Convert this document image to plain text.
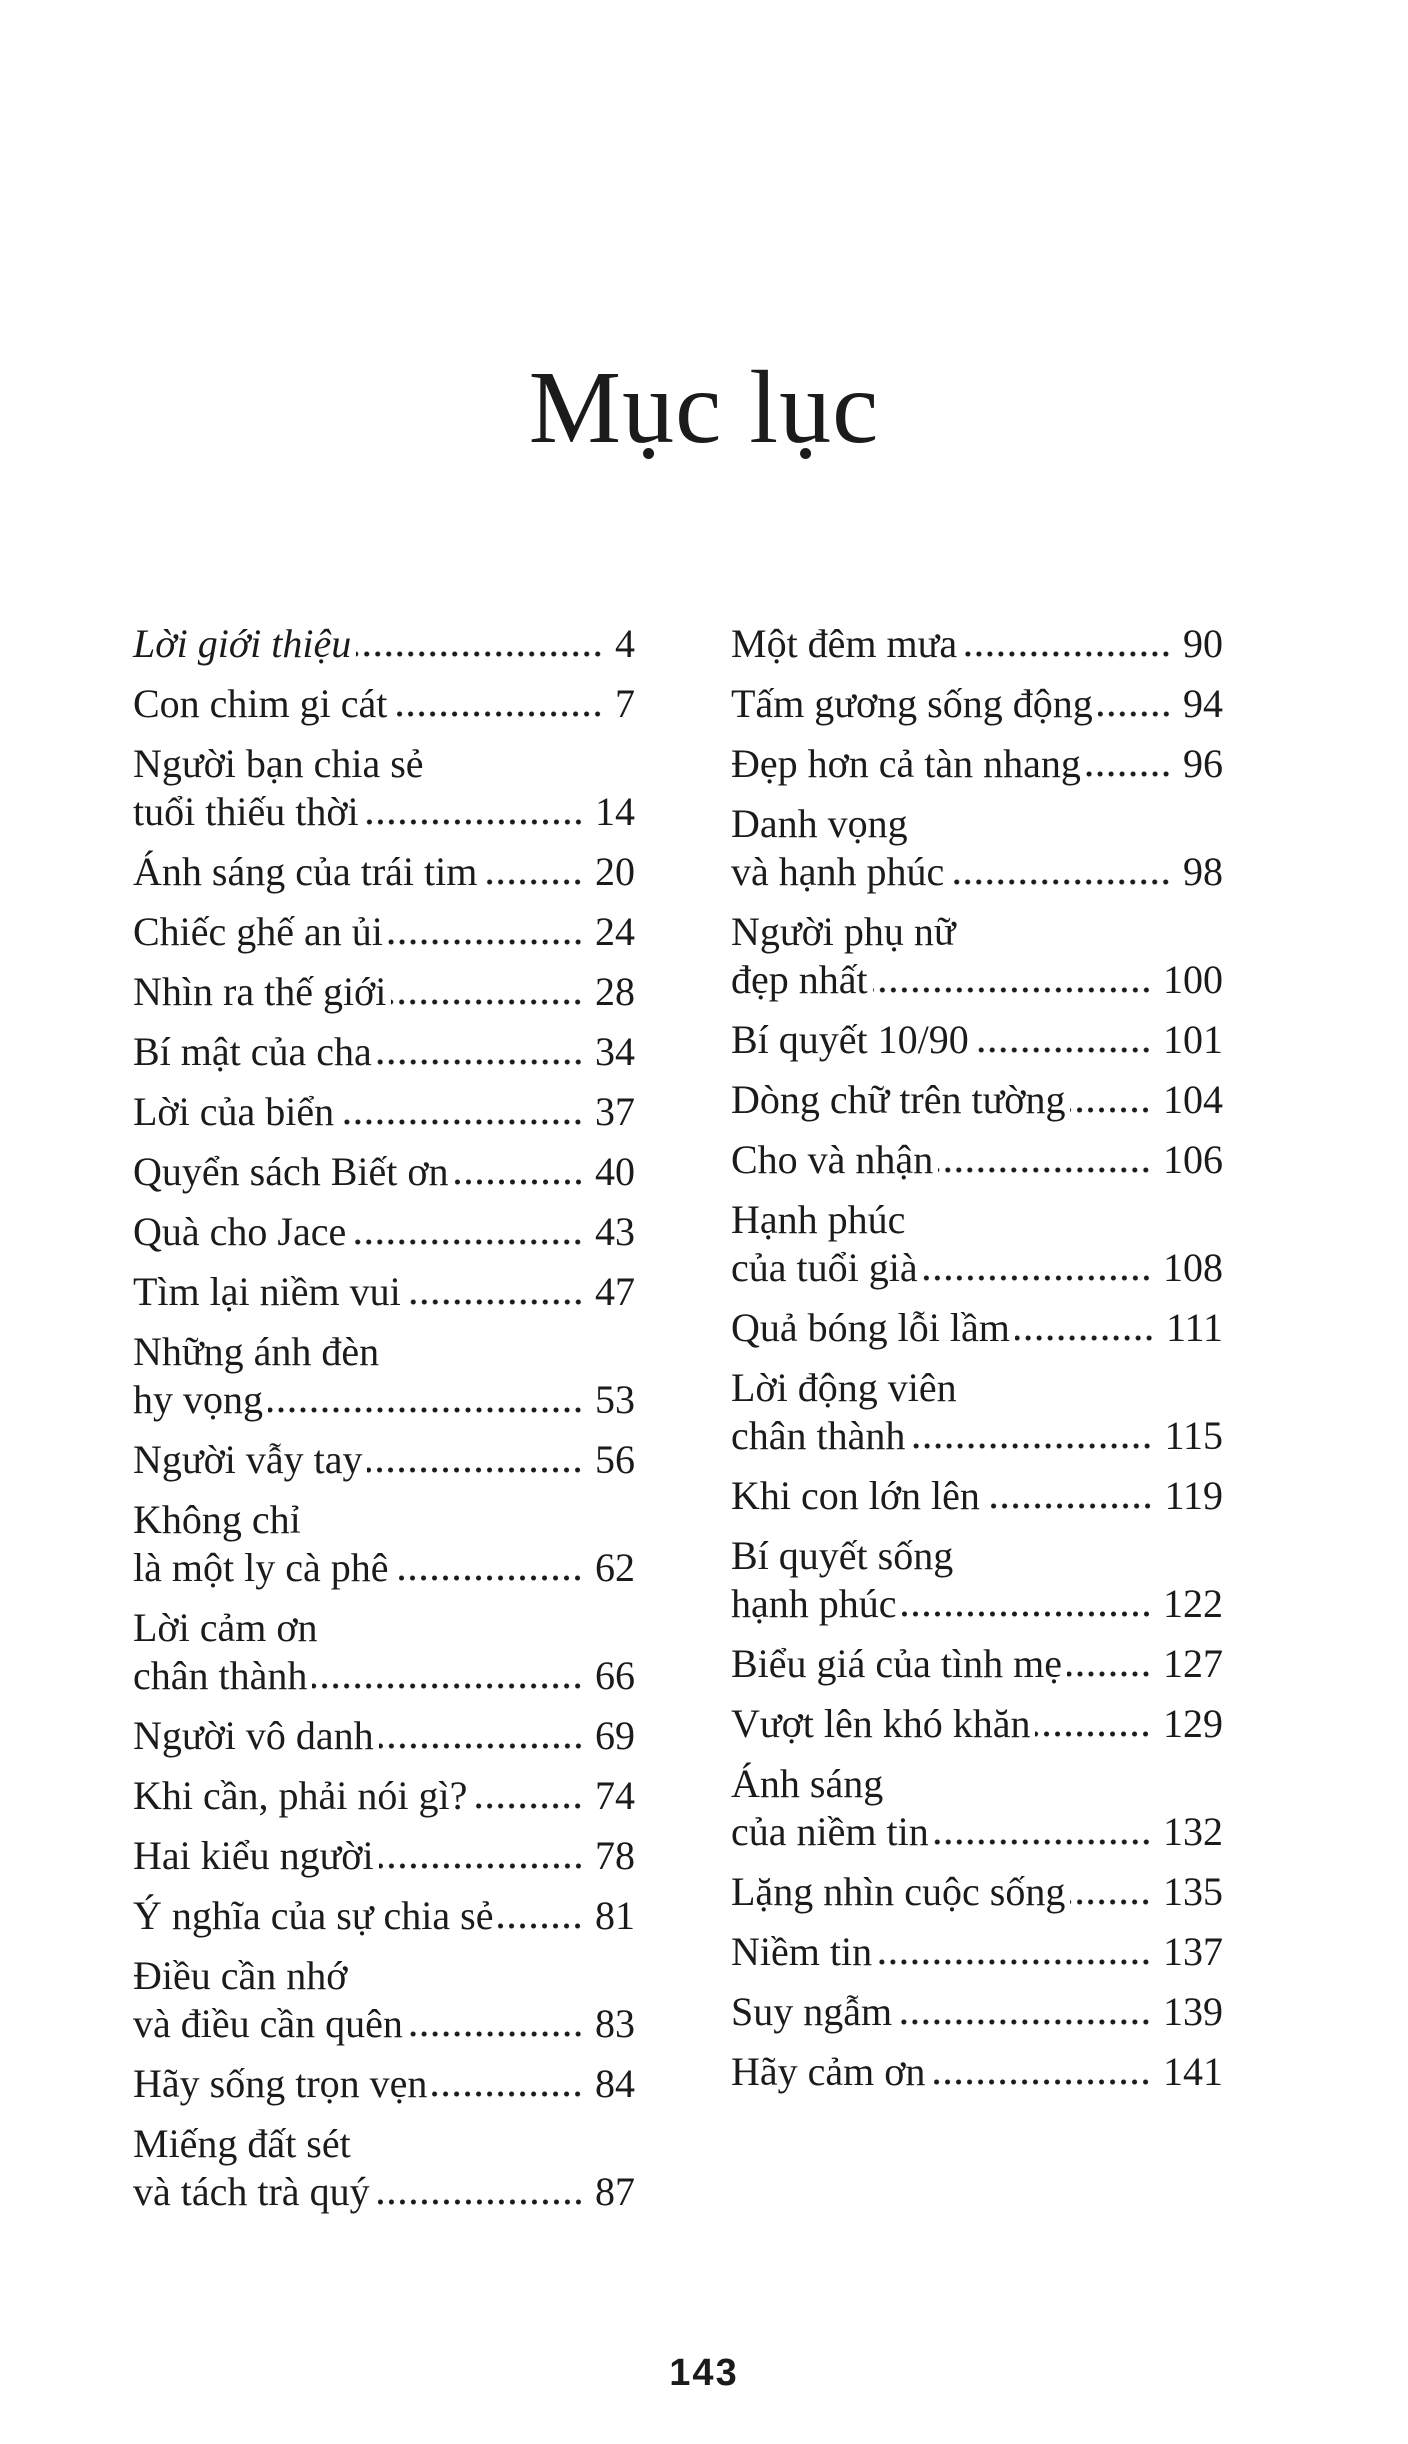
Mục lục
Lời giới thiệu	4
Con chim gi cát	7
Người bạn chia sẻ
tuổi thiếu thời	14
Ánh sáng của trái tim	20
Chiếc ghế an ủi	24
Nhìn ra thế giới	28
Bí mật của cha	34
Lời của biển	37
Quyển sách Biết ơn	40
Quà cho Jace	43
Tìm lại niềm vui	47
Những ánh đèn
hy vọng	53
Người vẫy tay	56
Không chỉ
là một ly cà phê	62
Lời cảm ơn
chân thành	66
Người vô danh	69
Khi cần, phải nói gì?	74
Hai kiểu người	78
Ý nghĩa của sự chia sẻ	81
Điều cần nhớ
và điều cần quên	83
Hãy sống trọn vẹn	84
Miếng đất sét
và tách trà quý	87
Một đêm mưa	90
Tấm gương sống động 94
Đẹp hơn cả tàn nhang	96
Danh vọng
và hạnh phúc	98
Người phụ nữ
đẹp nhất	100
Bí quyết 10/90	101
Dòng chữ trên tường 104
Cho và nhận	106
Hạnh phúc
của tuổi già	108
Quả bóng lỗi lầm	111
Lời động viên
chân thành	115
Khi con lớn lên	119
Bí quyết sống
hạnh phúc	122
Biểu giá của tình mẹ	127
Vượt lên khó khăn	129
Ánh sáng
của niềm tin	132
Lặng nhìn cuộc sống 135
Niềm tin	137
Suy ngẫm	139
Hãy cảm ơn	141
143
